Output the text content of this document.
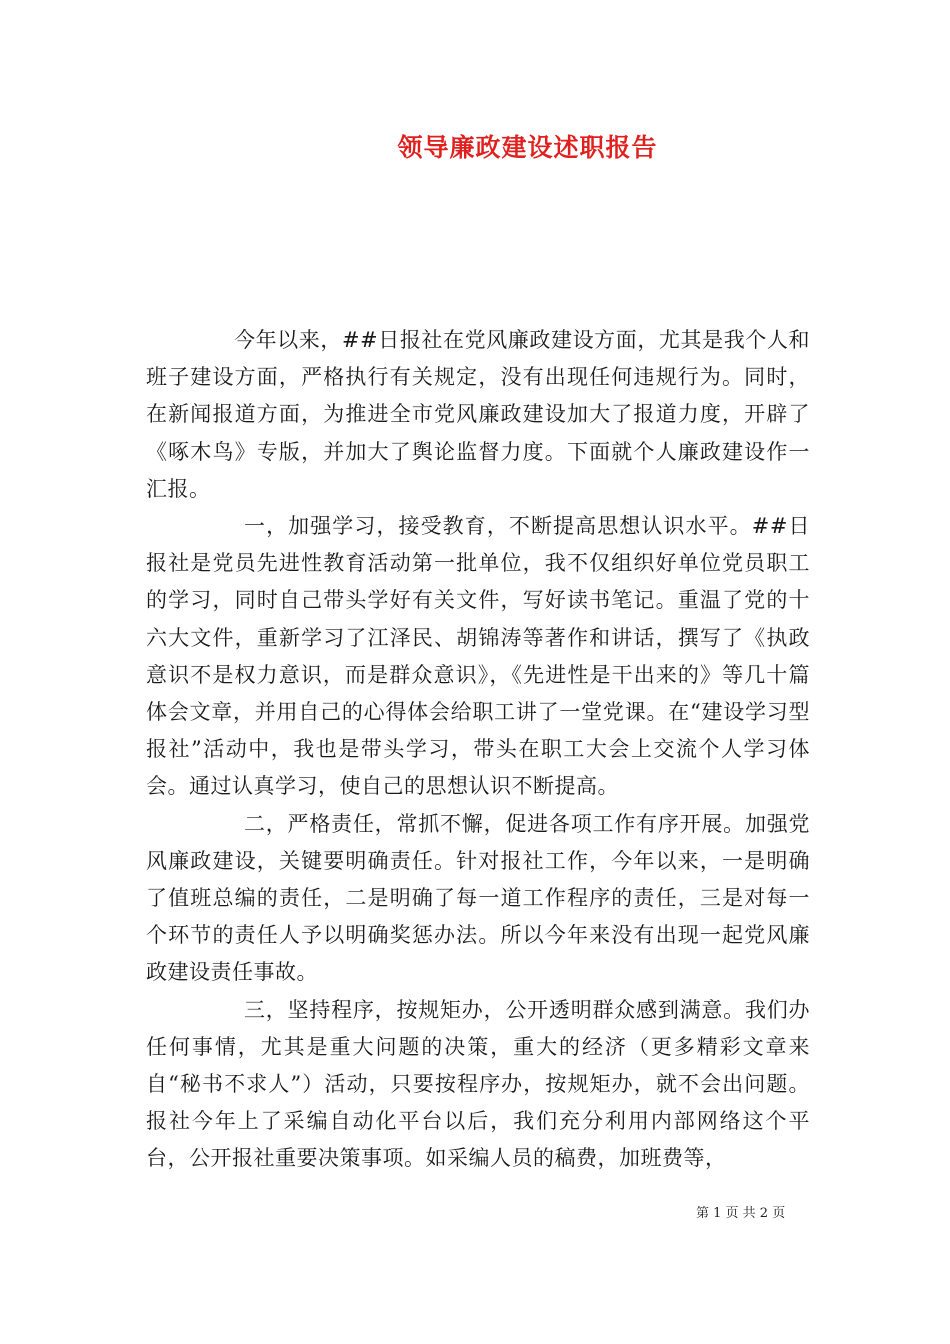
领导廉政建设述职报告

今年以来，##日报社在党风廉政建设方面，尤其是我个人和班子建设方面，严格执行有关规定，没有出现任何违规行为。同时，在新闻报道方面，为推进全市党风廉政建设加大了报道力度，开辟了《啄木鸟》专版，并加大了舆论监督力度。下面就个人廉政建设作一汇报。

一，加强学习，接受教育，不断提高思想认识水平。##日报社是党员先进性教育活动第一批单位，我不仅组织好单位党员职工的学习，同时自己带头学好有关文件，写好读书笔记。重温了党的十六大文件，重新学习了江泽民、胡锦涛等著作和讲话，撰写了《执政意识不是权力意识，而是群众意识》，《先进性是干出来的》等几十篇体会文章，并用自己的心得体会给职工讲了一堂党课。在“建设学习型报社”活动中，我也是带头学习，带头在职工大会上交流个人学习体会。通过认真学习，使自己的思想认识不断提高。

二，严格责任，常抓不懈，促进各项工作有序开展。加强党风廉政建设，关键要明确责任。针对报社工作，今年以来，一是明确了值班总编的责任，二是明确了每一道工作程序的责任，三是对每一个环节的责任人予以明确奖惩办法。所以今年来没有出现一起党风廉政建设责任事故。

三，坚持程序，按规矩办，公开透明群众感到满意。我们办任何事情，尤其是重大问题的决策，重大的经济（更多精彩文章来自“秘书不求人”）活动，只要按程序办，按规矩办，就不会出问题。报社今年上了采编自动化平台以后，我们充分利用内部网络这个平台，公开报社重要决策事项。如采编人员的稿费，加班费等，

第 1 页 共 2 页
